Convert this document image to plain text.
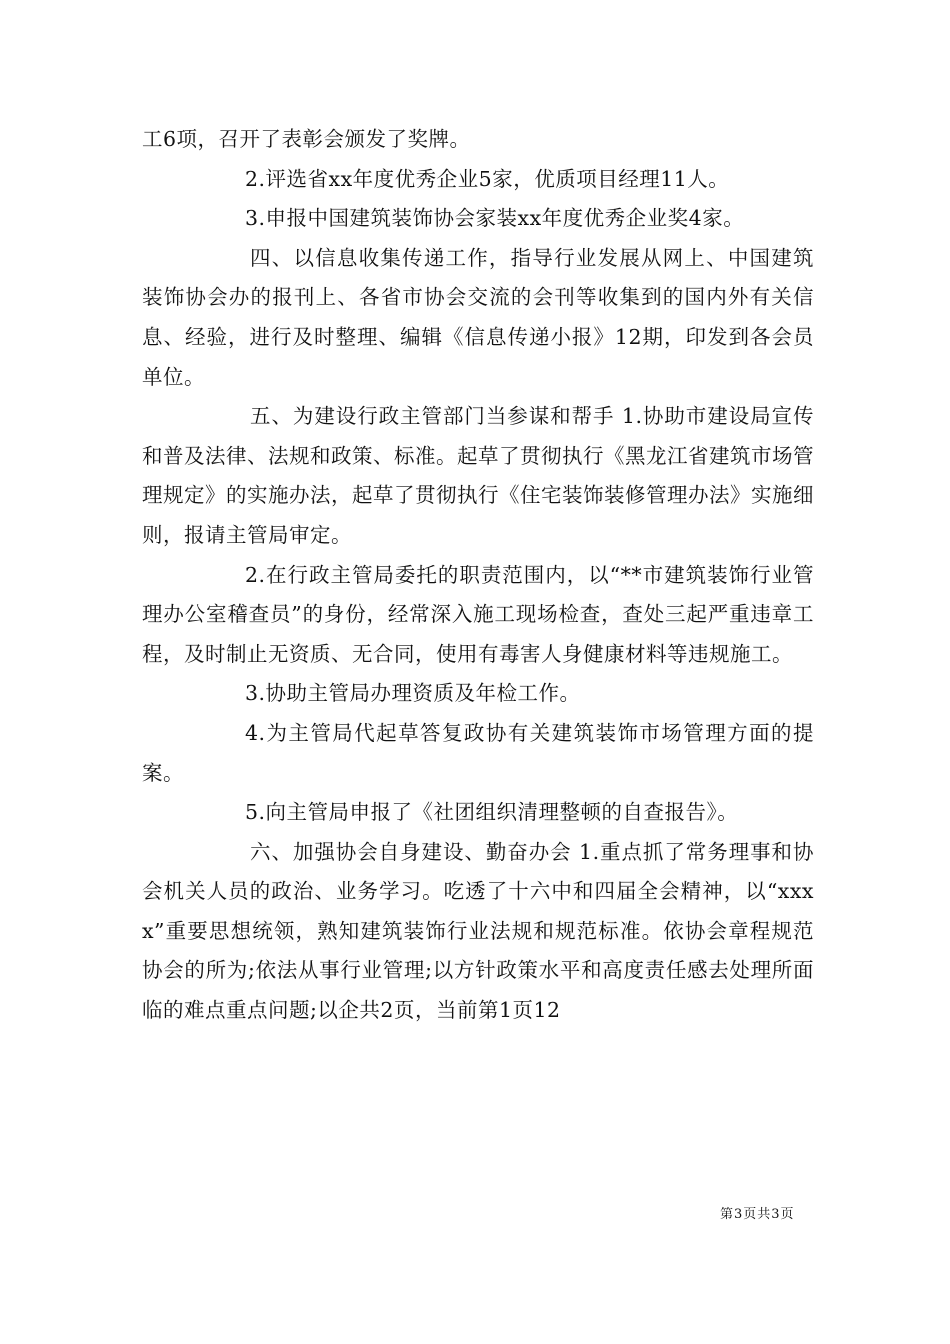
工6项，召开了表彰会颁发了奖牌。

2.评选省xx年度优秀企业5家，优质项目经理11人。

3.申报中国建筑装饰协会家装xx年度优秀企业奖4家。

四、以信息收集传递工作，指导行业发展从网上、中国建筑装饰协会办的报刊上、各省市协会交流的会刊等收集到的国内外有关信息、经验，进行及时整理、编辑《信息传递小报》12期，印发到各会员单位。

五、为建设行政主管部门当参谋和帮手 1.协助市建设局宣传和普及法律、法规和政策、标准。起草了贯彻执行《黑龙江省建筑市场管理规定》的实施办法，起草了贯彻执行《住宅装饰装修管理办法》实施细则，报请主管局审定。

2.在行政主管局委托的职责范围内，以“**市建筑装饰行业管理办公室稽查员”的身份，经常深入施工现场检查，查处三起严重违章工程，及时制止无资质、无合同，使用有毒害人身健康材料等违规施工。

3.协助主管局办理资质及年检工作。

4.为主管局代起草答复政协有关建筑装饰市场管理方面的提案。

5.向主管局申报了《社团组织清理整顿的自查报告》。

六、加强协会自身建设、勤奋办会 1.重点抓了常务理事和协会机关人员的政治、业务学习。吃透了十六中和四届全会精神，以“xxxx”重要思想统领，熟知建筑装饰行业法规和规范标准。依协会章程规范协会的所为;依法从事行业管理;以方针政策水平和高度责任感去处理所面临的难点重点问题;以企共2页，当前第1页12

第3页共3页
